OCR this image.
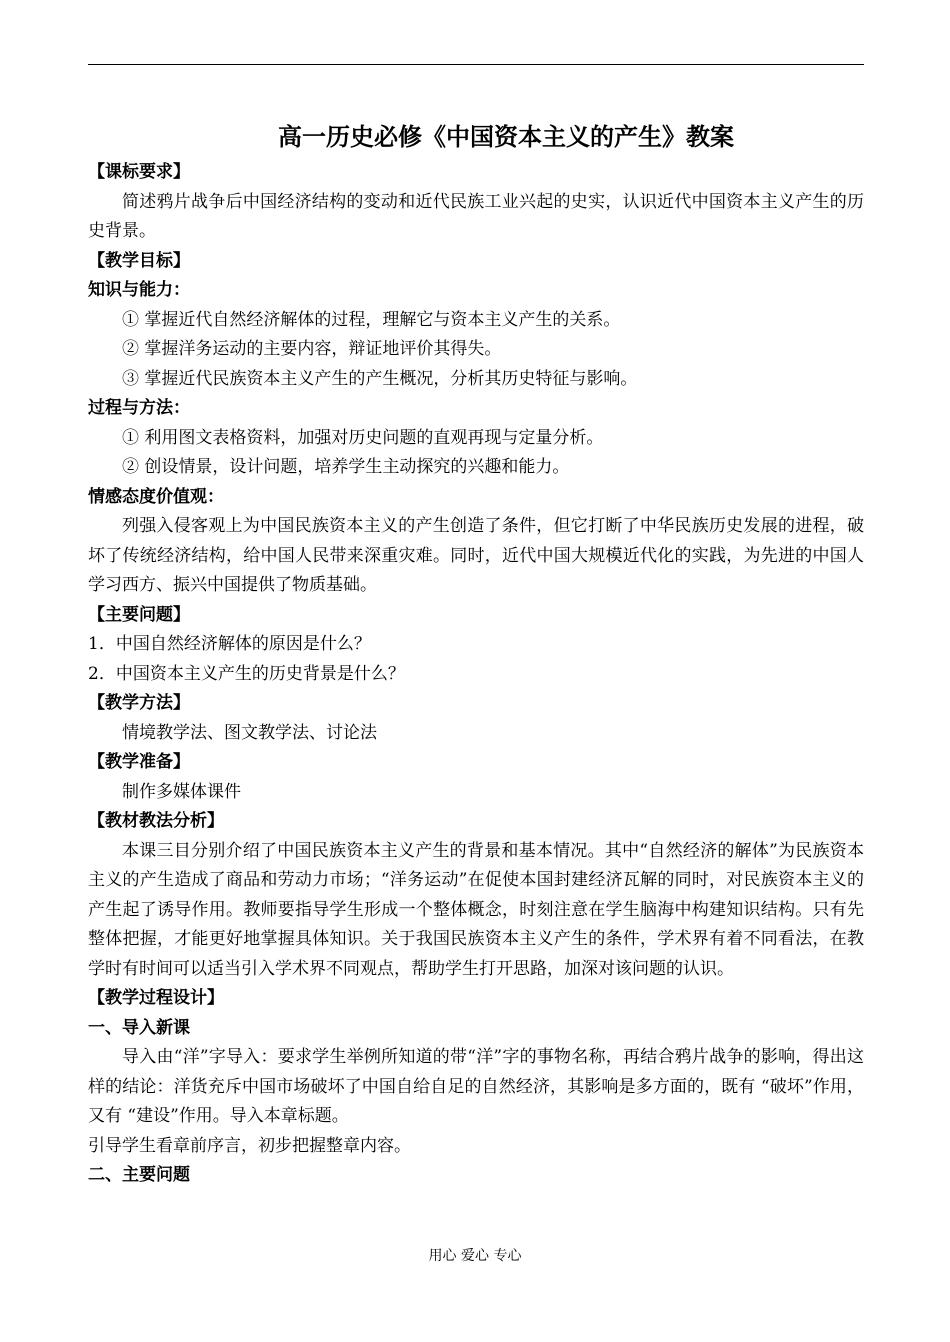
高一历史必修《中国资本主义的产生》教案

【课标要求】

简述鸦片战争后中国经济结构的变动和近代民族工业兴起的史实，认识近代中国资本主义产生的历史背景。

【教学目标】

知识与能力：

① 掌握近代自然经济解体的过程，理解它与资本主义产生的关系。

② 掌握洋务运动的主要内容，辩证地评价其得失。

③ 掌握近代民族资本主义产生的产生概况，分析其历史特征与影响。

过程与方法：

① 利用图文表格资料，加强对历史问题的直观再现与定量分析。

② 创设情景，设计问题，培养学生主动探究的兴趣和能力。

情感态度价值观：

列强入侵客观上为中国民族资本主义的产生创造了条件，但它打断了中华民族历史发展的进程，破坏了传统经济结构，给中国人民带来深重灾难。同时，近代中国大规模近代化的实践，为先进的中国人学习西方、振兴中国提供了物质基础。

【主要问题】

1．中国自然经济解体的原因是什么？

2．中国资本主义产生的历史背景是什么？

【教学方法】

情境教学法、图文教学法、讨论法

【教学准备】

制作多媒体课件

【教材教法分析】

本课三目分别介绍了中国民族资本主义产生的背景和基本情况。其中“自然经济的解体”为民族资本主义的产生造成了商品和劳动力市场；“洋务运动”在促使本国封建经济瓦解的同时，对民族资本主义的产生起了诱导作用。教师要指导学生形成一个整体概念，时刻注意在学生脑海中构建知识结构。只有先整体把握，才能更好地掌握具体知识。关于我国民族资本主义产生的条件，学术界有着不同看法，在教学时有时间可以适当引入学术界不同观点，帮助学生打开思路，加深对该问题的认识。

【教学过程设计】

一、导入新课

导入由“洋”字导入：要求学生举例所知道的带“洋”字的事物名称，再结合鸦片战争的影响，得出这样的结论：洋货充斥中国市场破坏了中国自给自足的自然经济，其影响是多方面的，既有 “破坏”作用，又有 “建设”作用。导入本章标题。

引导学生看章前序言，初步把握整章内容。

二、主要问题

用心 爱心 专心
